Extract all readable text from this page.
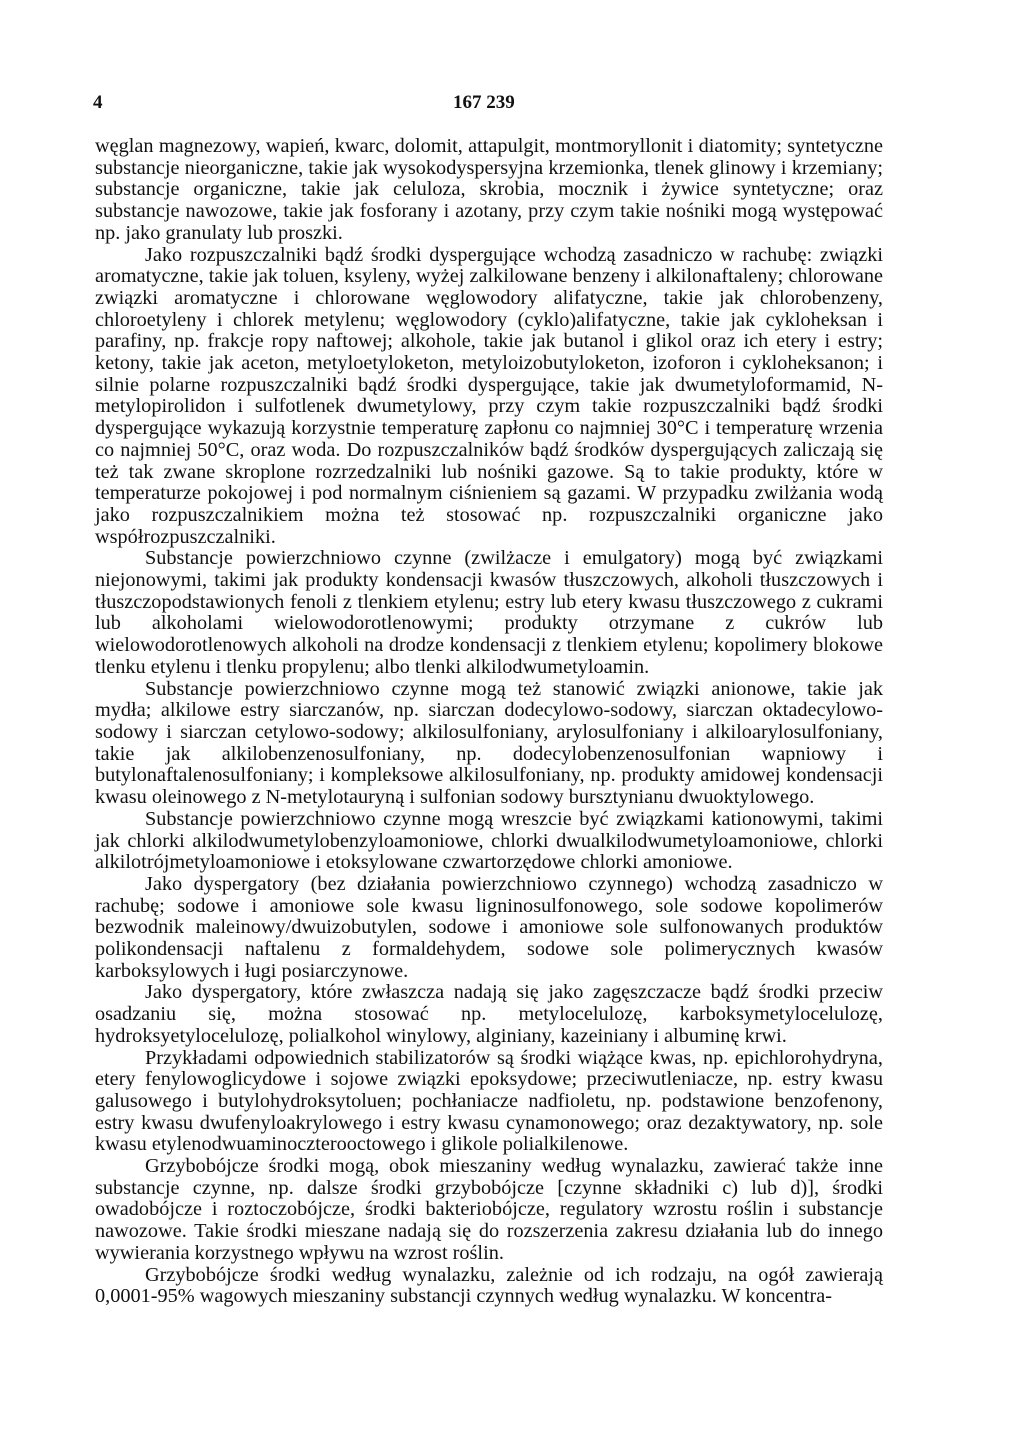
4	167 239

węglan magnezowy, wapień, kwarc, dolomit, attapulgit, montmoryllonit i diatomity; syntetyczne substancje nieorganiczne, takie jak wysokodyspersyjna krzemionka, tlenek glinowy i krzemiany; substancje organiczne, takie jak celuloza, skrobia, mocznik i żywice syntetyczne; oraz substancje nawozowe, takie jak fosforany i azotany, przy czym takie nośniki mogą występować np. jako granulaty lub proszki.

Jako rozpuszczalniki bądź środki dyspergujące wchodzą zasadniczo w rachubę: związki aromatyczne, takie jak toluen, ksyleny, wyżej zalkilowane benzeny i alkilonaftaleny; chlorowane związki aromatyczne i chlorowane węglowodory alifatyczne, takie jak chlorobenzeny, chloroetyleny i chlorek metylenu; węglowodory (cyklo)alifatyczne, takie jak cykloheksan i parafiny, np. frakcje ropy naftowej; alkohole, takie jak butanol i glikol oraz ich etery i estry; ketony, takie jak aceton, metyloetyloketon, metyloizobutyloketon, izoforon i cykloheksanon; i silnie polarne rozpuszczalniki bądź środki dyspergujące, takie jak dwumetyloformamid, N-metylopirolidon i sulfotlenek dwumetylowy, przy czym takie rozpuszczalniki bądź środki dyspergujące wykazują korzystnie temperaturę zapłonu co najmniej 30°C i temperaturę wrzenia co najmniej 50°C, oraz woda. Do rozpuszczalników bądź środków dyspergujących zaliczają się też tak zwane skroplone rozrzedzalniki lub nośniki gazowe. Są to takie produkty, które w temperaturze pokojowej i pod normalnym ciśnieniem są gazami. W przypadku zwilżania wodą jako rozpuszczalnikiem można też stosować np. rozpuszczalniki organiczne jako współrozpuszczalniki.

Substancje powierzchniowo czynne (zwilżacze i emulgatory) mogą być związkami niejonowymi, takimi jak produkty kondensacji kwasów tłuszczowych, alkoholi tłuszczowych i tłuszczopodstawionych fenoli z tlenkiem etylenu; estry lub etery kwasu tłuszczowego z cukrami lub alkoholami wielowodorotlenowymi; produkty otrzymane z cukrów lub wielowodorotlenowych alkoholi na drodze kondensacji z tlenkiem etylenu; kopolimery blokowe tlenku etylenu i tlenku propylenu; albo tlenki alkilodwumetyloamin.

Substancje powierzchniowo czynne mogą też stanowić związki anionowe, takie jak mydła; alkilowe estry siarczanów, np. siarczan dodecylowo-sodowy, siarczan oktadecylowo-sodowy i siarczan cetylowo-sodowy; alkilosulfoniany, arylosulfoniany i alkiloarylosulfoniany, takie jak alkilobenzenosulfoniany, np. dodecylobenzenosulfonian wapniowy i butylonaftalenosulfoniany; i kompleksowe alkilosulfoniany, np. produkty amidowej kondensacji kwasu oleinowego z N-metylotauryną i sulfonian sodowy bursztynianu dwuoktylowego.

Substancje powierzchniowo czynne mogą wreszcie być związkami kationowymi, takimi jak chlorki alkilodwumetylobenzyloamoniowe, chlorki dwualkilodwumetyloamoniowe, chlorki alkilotrójmetyloamoniowe i etoksylowane czwartorzędowe chlorki amoniowe.

Jako dyspergatory (bez działania powierzchniowo czynnego) wchodzą zasadniczo w rachubę; sodowe i amoniowe sole kwasu ligninosulfonowego, sole sodowe kopolimerów bezwodnik maleinowy/dwuizobutylen, sodowe i amoniowe sole sulfonowanych produktów polikondensacji naftalenu z formaldehydem, sodowe sole polimerycznych kwasów karboksylowych i ługi posiarczynowe.

Jako dyspergatory, które zwłaszcza nadają się jako zagęszczacze bądź środki przeciw osadzaniu się, można stosować np. metylocelulozę, karboksymetylocelulozę, hydroksyetylocelulozę, polialkohol winylowy, alginiany, kazeiniany i albuminę krwi.

Przykładami odpowiednich stabilizatorów są środki wiążące kwas, np. epichlorohydryna, etery fenylowoglicydowe i sojowe związki epoksydowe; przeciwutleniacze, np. estry kwasu galusowego i butylohydroksytoluen; pochłaniacze nadfioletu, np. podstawione benzofenony, estry kwasu dwufenyloakrylowego i estry kwasu cynamonowego; oraz dezaktywatory, np. sole kwasu etylenodwuaminoczterooctowego i glikole polialkilenowe.

Grzybobójcze środki mogą, obok mieszaniny według wynalazku, zawierać także inne substancje czynne, np. dalsze środki grzybobójcze [czynne składniki c) lub d)], środki owadobójcze i roztoczobójcze, środki bakteriobójcze, regulatory wzrostu roślin i substancje nawozowe. Takie środki mieszane nadają się do rozszerzenia zakresu działania lub do innego wywierania korzystnego wpływu na wzrost roślin.

Grzybobójcze środki według wynalazku, zależnie od ich rodzaju, na ogół zawierają 0,0001-95% wagowych mieszaniny substancji czynnych według wynalazku. W koncentra-
